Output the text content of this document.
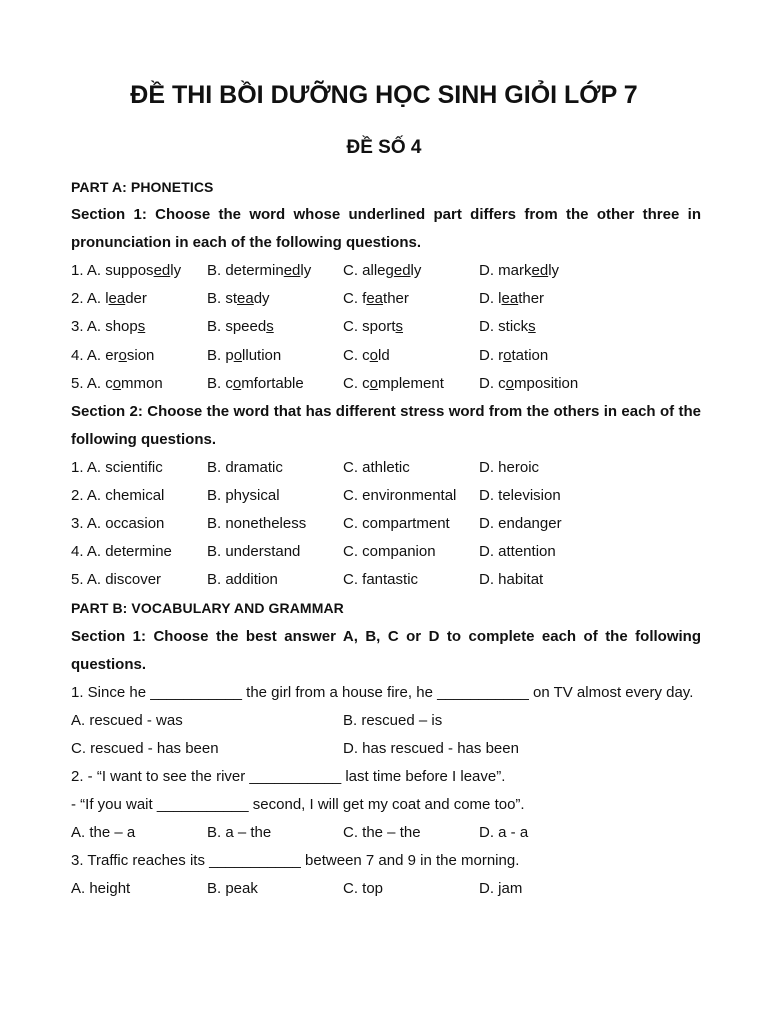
ĐỀ THI BỒI DƯỠNG HỌC SINH GIỎI LỚP 7
ĐỀ SỐ 4
PART A: PHONETICS
Section 1: Choose the word whose underlined part differs from the other three in pronunciation in each of the following questions.
1. A. supposedly	B. determinedly	C. allegedly	D. markedly
2. A. leader	B. steady	C. feather	D. leather
3. A. shops	B. speeds	C. sports	D. sticks
4. A. erosion	B. pollution	C. cold	D. rotation
5. A. common	B. comfortable	C. complement	D. composition
Section 2: Choose the word that has different stress word from the others in each of the following questions.
1. A. scientific	B. dramatic	C. athletic	D. heroic
2. A. chemical	B. physical	C. environmental	D. television
3. A. occasion	B. nonetheless	C. compartment	D. endanger
4. A. determine	B. understand	C. companion	D. attention
5. A. discover	B. addition	C. fantastic	D. habitat
PART B: VOCABULARY AND GRAMMAR
Section 1: Choose the best answer A, B, C or D to complete each of the following questions.
1. Since he ___________ the girl from a house fire, he ___________ on TV almost every day.
A. rescued - was	B. rescued – is
C. rescued - has been	D. has rescued - has been
2. - “I want to see the river ___________ last time before I leave”.
- “If you wait ___________ second, I will get my coat and come too”.
A. the – a	B. a – the	C. the – the	D. a - a
3. Traffic reaches its ___________ between 7 and 9 in the morning.
A. height	B. peak	C. top	D. jam
